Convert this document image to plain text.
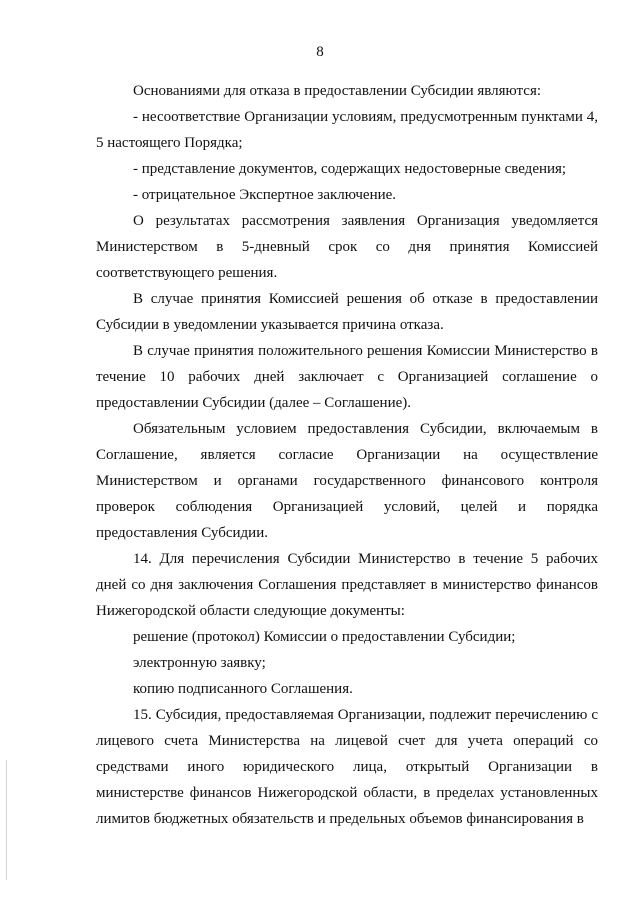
8

Основаниями для отказа в предоставлении Субсидии являются:

- несоответствие Организации условиям, предусмотренным пунктами 4, 5 настоящего Порядка;

- представление документов, содержащих недостоверные сведения;

- отрицательное Экспертное заключение.

О результатах рассмотрения заявления Организация уведомляется Министерством в 5-дневный срок со дня принятия Комиссией соответствующего решения.

В случае принятия Комиссией решения об отказе в предоставлении Субсидии в уведомлении указывается причина отказа.

В случае принятия положительного решения Комиссии Министерство в течение 10 рабочих дней заключает с Организацией соглашение о предоставлении Субсидии (далее – Соглашение).

Обязательным условием предоставления Субсидии, включаемым в Соглашение, является согласие Организации на осуществление Министерством и органами государственного финансового контроля проверок соблюдения Организацией условий, целей и порядка предоставления Субсидии.

14. Для перечисления Субсидии Министерство в течение 5 рабочих дней со дня заключения Соглашения представляет в министерство финансов Нижегородской области следующие документы:

решение (протокол) Комиссии о предоставлении Субсидии;

электронную заявку;

копию подписанного Соглашения.

15. Субсидия, предоставляемая Организации, подлежит перечислению с лицевого счета Министерства на лицевой счет для учета операций со средствами иного юридического лица, открытый Организации в министерстве финансов Нижегородской области, в пределах установленных лимитов бюджетных обязательств и предельных объемов финансирования в
